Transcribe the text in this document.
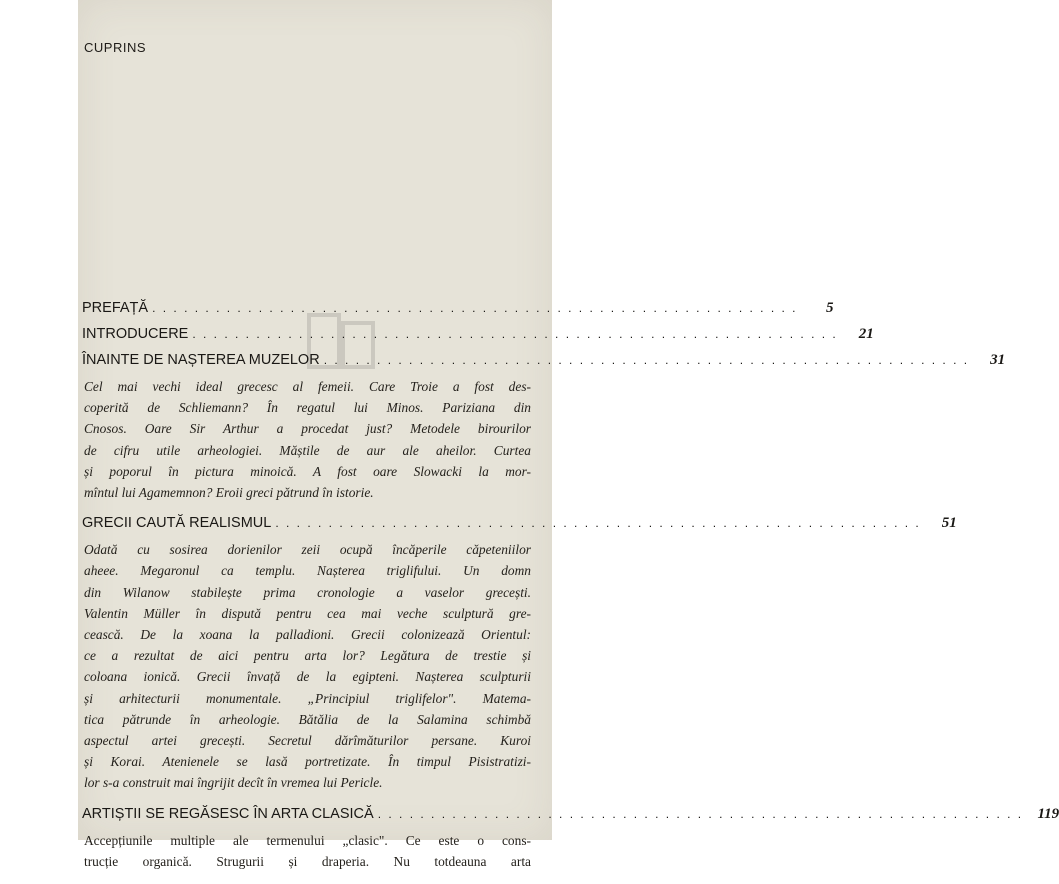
CUPRINS
PREFAȚĂ . . .	5
INTRODUCERE . . .	21
ÎNAINTE DE NAȘTEREA MUZELOR . . .	31
Cel mai vechi ideal grecesc al femeii. Care Troie a fost des-
coperită de Schliemann? În regatul lui Minos. Pariziana din
Cnosos. Oare Sir Arthur a procedat just? Metodele birourilor
de cifru utile arheologiei. Măștile de aur ale aheilor. Curtea
și poporul în pictura minoică. A fost oare Slowacki la mor-
mîntul lui Agamemnon? Eroii greci pătrund în istorie.
GRECII CAUTĂ REALISMUL . . .	51
Odată cu sosirea dorienilor zeii ocupă încăperile căpeteniilor
aheee. Megaronul ca templu. Nașterea triglifului. Un domn
din Wilanow stabilește prima cronologie a vaselor grecești.
Valentin Müller în dispută pentru cea mai veche sculptură gre-
cească. De la xoana la palladioni. Grecii colonizează Orientul:
ce a rezultat de aici pentru arta lor? Legătura de trestie și
coloana ionică. Grecii învață de la egipteni. Nașterea sculpturii
și arhitecturii monumentale. „Principiul triglifelor". Matema-
tica pătrunde în arheologie. Bătălia de la Salamina schimbă
aspectul artei grecești. Secretul dărîmăturilor persane. Kuroi
și Korai. Atenienele se lasă portretizate. În timpul Pisistratizi-
lor s-a construit mai îngrijit decît în vremea lui Pericle.
ARTIȘTII SE REGĂSESC ÎN ARTA CLASICĂ . . .	119
Accepțiunile multiple ale termenului „clasic". Ce este o cons-
trucție organică. Strugurii și draperia. Nu totdeauna arta
